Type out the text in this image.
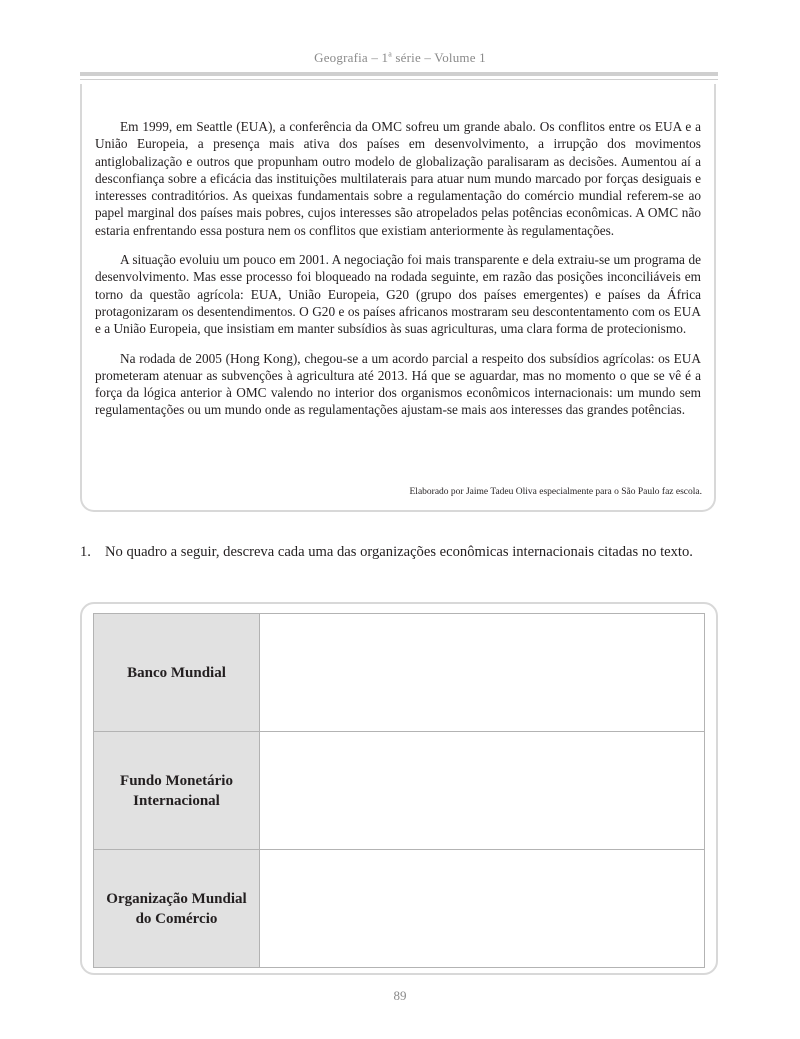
Geografia – 1$^a$ série – Volume 1

Em 1999, em Seattle (EUA), a conferência da OMC sofreu um grande abalo. Os conflitos entre os EUA e a União Europeia, a presença mais ativa dos países em desenvolvimento, a irrupção dos movimentos antiglobalização e outros que propunham outro modelo de globalização paralisaram as decisões. Aumentou aí a desconfiança sobre a eficácia das instituições multilaterais para atuar num mundo marcado por forças desiguais e interesses contraditórios. As queixas fundamentais sobre a regulamentação do comércio mundial referem-se ao papel marginal dos países mais pobres, cujos interesses são atropelados pelas potências econômicas. A OMC não estaria enfrentando essa postura nem os conflitos que existiam anteriormente às regulamentações.

A situação evoluiu um pouco em 2001. A negociação foi mais transparente e dela extraiu-se um programa de desenvolvimento. Mas esse processo foi bloqueado na rodada seguinte, em razão das posições inconciliáveis em torno da questão agrícola: EUA, União Europeia, G20 (grupo dos países emergentes) e países da África protagonizaram os desentendimentos. O G20 e os países africanos mostraram seu descontentamento com os EUA e a União Europeia, que insistiam em manter subsídios às suas agriculturas, uma clara forma de protecionismo.

Na rodada de 2005 (Hong Kong), chegou-se a um acordo parcial a respeito dos subsídios agrícolas: os EUA prometeram atenuar as subvenções à agricultura até 2013. Há que se aguardar, mas no momento o que se vê é a força da lógica anterior à OMC valendo no interior dos organismos econômicos internacionais: um mundo sem regulamentações ou um mundo onde as regulamentações ajustam-se mais aos interesses das grandes potências.

Elaborado por Jaime Tadeu Oliva especialmente para o São Paulo faz escola.
1. No quadro a seguir, descreva cada uma das organizações econômicas internacionais citadas no texto.
Banco Mundial	
Fundo Monetário
Internacional	
Organização Mundial
do Comércio	
89
